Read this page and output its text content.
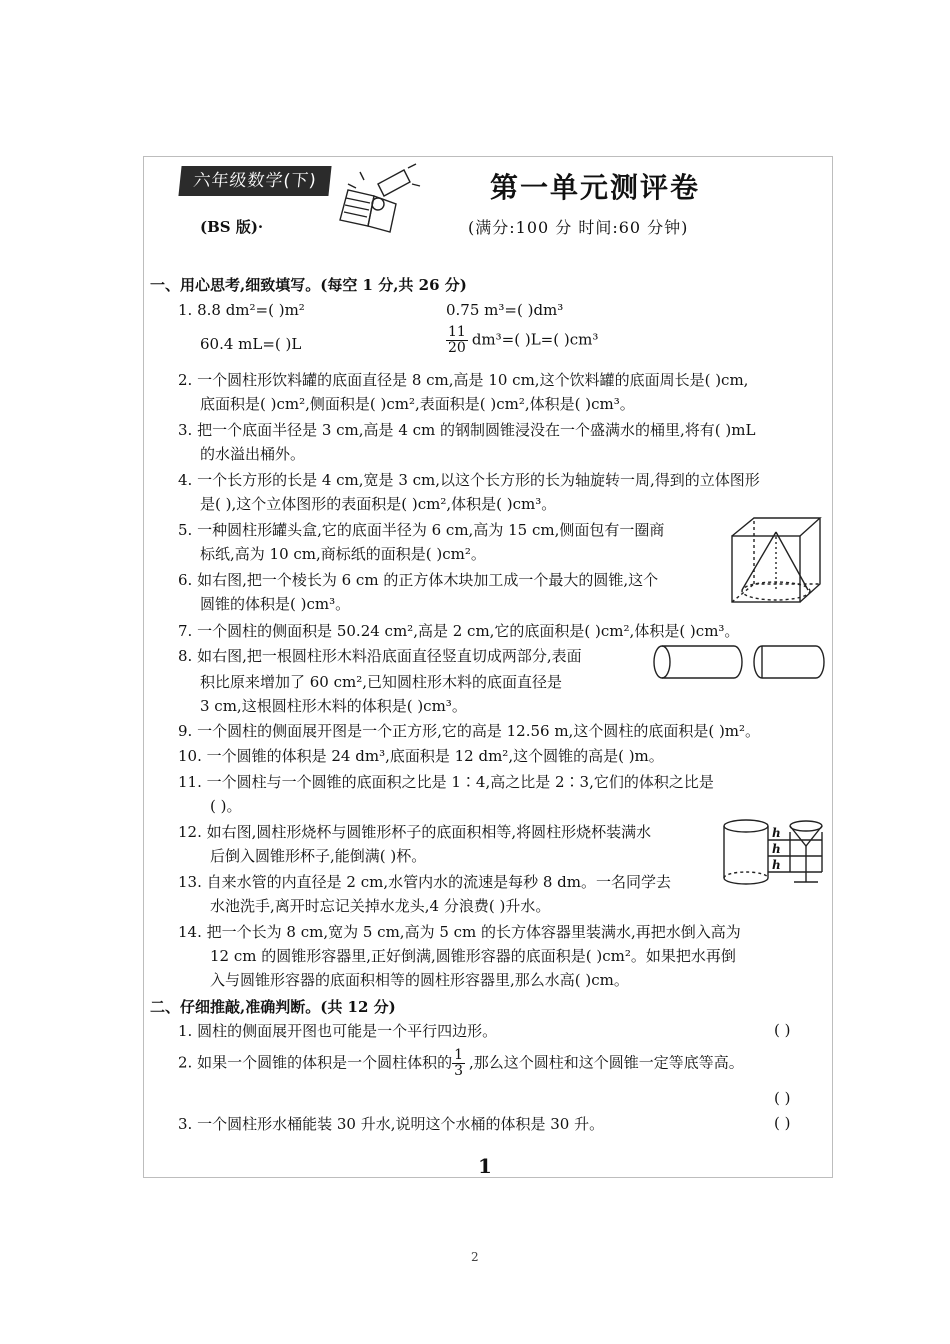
六年级数学(下)
(BS 版)·
第一单元测评卷
(满分:100 分 时间:60 分钟)
一、用心思考,细致填写。(每空 1 分,共 26 分)
1. 8.8 dm²=( )m²	0.75 m³=( )dm³
60.4 mL=( )L	$\frac{11}{20} dm^3=$( )L=( )cm³
2. 一个圆柱形饮料罐的底面直径是 8 cm,高是 10 cm,这个饮料罐的底面周长是( )cm,
底面积是( )cm²,侧面积是( )cm²,表面积是( )cm²,体积是( )cm³。
3. 把一个底面半径是 3 cm,高是 4 cm 的钢制圆锥浸没在一个盛满水的桶里,将有( )mL
的水溢出桶外。
4. 一个长方形的长是 4 cm,宽是 3 cm,以这个长方形的长为轴旋转一周,得到的立体图形
是( ),这个立体图形的表面积是( )cm²,体积是( )cm³。
5. 一种圆柱形罐头盒,它的底面半径为 6 cm,高为 15 cm,侧面包有一圈商
标纸,高为 10 cm,商标纸的面积是( )cm²。
6. 如右图,把一个棱长为 6 cm 的正方体木块加工成一个最大的圆锥,这个
圆锥的体积是( )cm³。
7. 一个圆柱的侧面积是 50.24 cm²,高是 2 cm,它的底面积是( )cm²,体积是( )cm³。
8. 如右图,把一根圆柱形木料沿底面直径竖直切成两部分,表面
积比原来增加了 60 cm²,已知圆柱形木料的底面直径是
3 cm,这根圆柱形木料的体积是( )cm³。
9. 一个圆柱的侧面展开图是一个正方形,它的高是 12.56 m,这个圆柱的底面积是( )m²。
10. 一个圆锥的体积是 24 dm³,底面积是 12 dm²,这个圆锥的高是( )m。
11. 一个圆柱与一个圆锥的底面积之比是 1∶4,高之比是 2∶3,它们的体积之比是
( )。
12. 如右图,圆柱形烧杯与圆锥形杯子的底面积相等,将圆柱形烧杯装满水
后倒入圆锥形杯子,能倒满( )杯。
h
h
h
13. 自来水管的内直径是 2 cm,水管内水的流速是每秒 8 dm。一名同学去
水池洗手,离开时忘记关掉水龙头,4 分浪费( )升水。
14. 把一个长为 8 cm,宽为 5 cm,高为 5 cm 的长方体容器里装满水,再把水倒入高为
12 cm 的圆锥形容器里,正好倒满,圆锥形容器的底面积是( )cm²。如果把水再倒
入与圆锥形容器的底面积相等的圆柱形容器里,那么水高( )cm。
二、仔细推敲,准确判断。(共 12 分)
1. 圆柱的侧面展开图也可能是一个平行四边形。	( )
2. 如果一个圆锥的体积是一个圆柱体积的 $\frac{1}{3}$ ,那么这个圆柱和这个圆锥一定等底等高。
( )
3. 一个圆柱形水桶能装 30 升水,说明这个水桶的体积是 30 升。	( )
1
2
